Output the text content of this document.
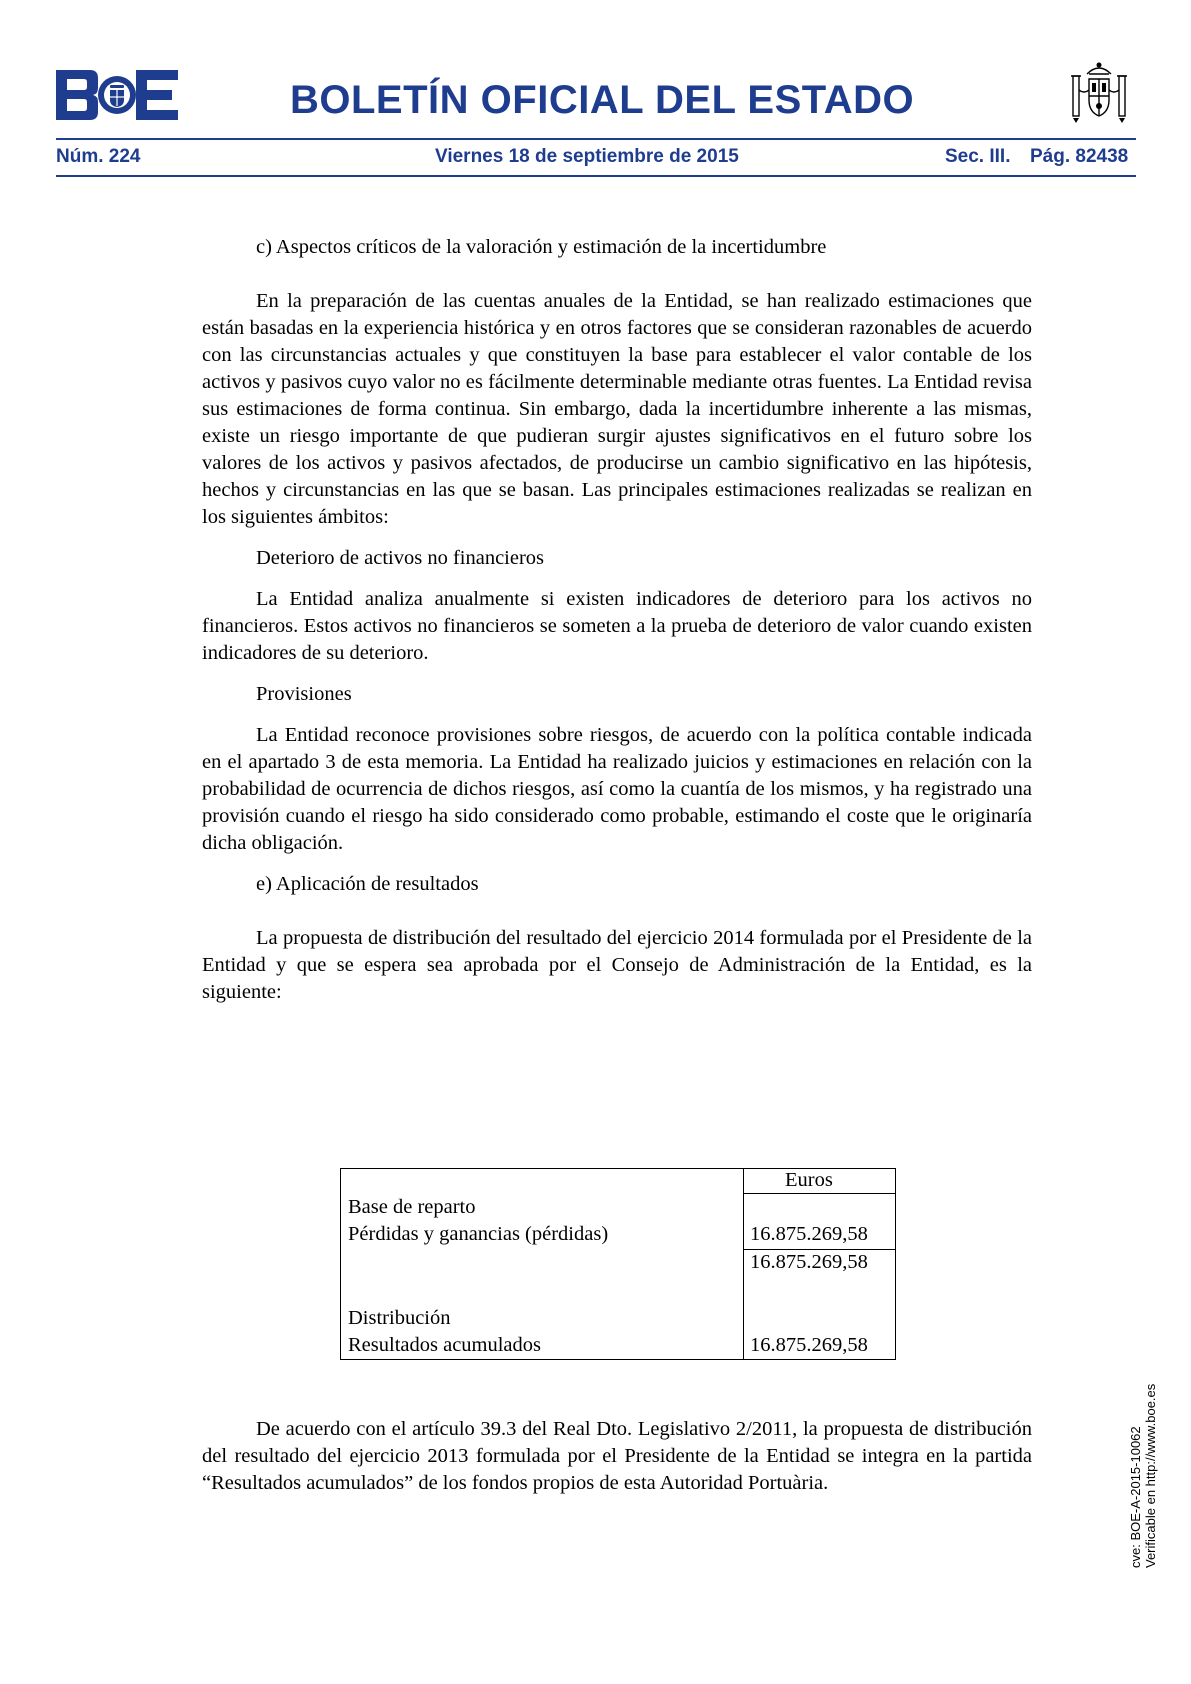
BOLETÍN OFICIAL DEL ESTADO
Núm. 224	Viernes 18 de septiembre de 2015	Sec. III. Pág. 82438

c) Aspectos críticos de la valoración y estimación de la incertidumbre

En la preparación de las cuentas anuales de la Entidad, se han realizado estimaciones que están basadas en la experiencia histórica y en otros factores que se consideran razonables de acuerdo con las circunstancias actuales y que constituyen la base para establecer el valor contable de los activos y pasivos cuyo valor no es fácilmente determinable mediante otras fuentes. La Entidad revisa sus estimaciones de forma continua. Sin embargo, dada la incertidumbre inherente a las mismas, existe un riesgo importante de que pudieran surgir ajustes significativos en el futuro sobre los valores de los activos y pasivos afectados, de producirse un cambio significativo en las hipótesis, hechos y circunstancias en las que se basan. Las principales estimaciones realizadas se realizan en los siguientes ámbitos:

Deterioro de activos no financieros

La Entidad analiza anualmente si existen indicadores de deterioro para los activos no financieros. Estos activos no financieros se someten a la prueba de deterioro de valor cuando existen indicadores de su deterioro.

Provisiones

La Entidad reconoce provisiones sobre riesgos, de acuerdo con la política contable indicada en el apartado 3 de esta memoria. La Entidad ha realizado juicios y estimaciones en relación con la probabilidad de ocurrencia de dichos riesgos, así como la cuantía de los mismos, y ha registrado una provisión cuando el riesgo ha sido considerado como probable, estimando el coste que le originaría dicha obligación.

e) Aplicación de resultados

La propuesta de distribución del resultado del ejercicio 2014 formulada por el Presidente de la Entidad y que se espera sea aprobada por el Consejo de Administración de la Entidad, es la siguiente:

Euros
Base de reparto
Pérdidas y ganancias (pérdidas)	16.875.269,58
16.875.269,58
Distribución
Resultados acumulados	16.875.269,58

De acuerdo con el artículo 39.3 del Real Dto. Legislativo 2/2011, la propuesta de distribución del resultado del ejercicio 2013 formulada por el Presidente de la Entidad se integra en la partida “Resultados acumulados” de los fondos propios de esta Autoridad Portuària.	cve: BOE-A-2015-10062 Verificable en http://www.boe.es
